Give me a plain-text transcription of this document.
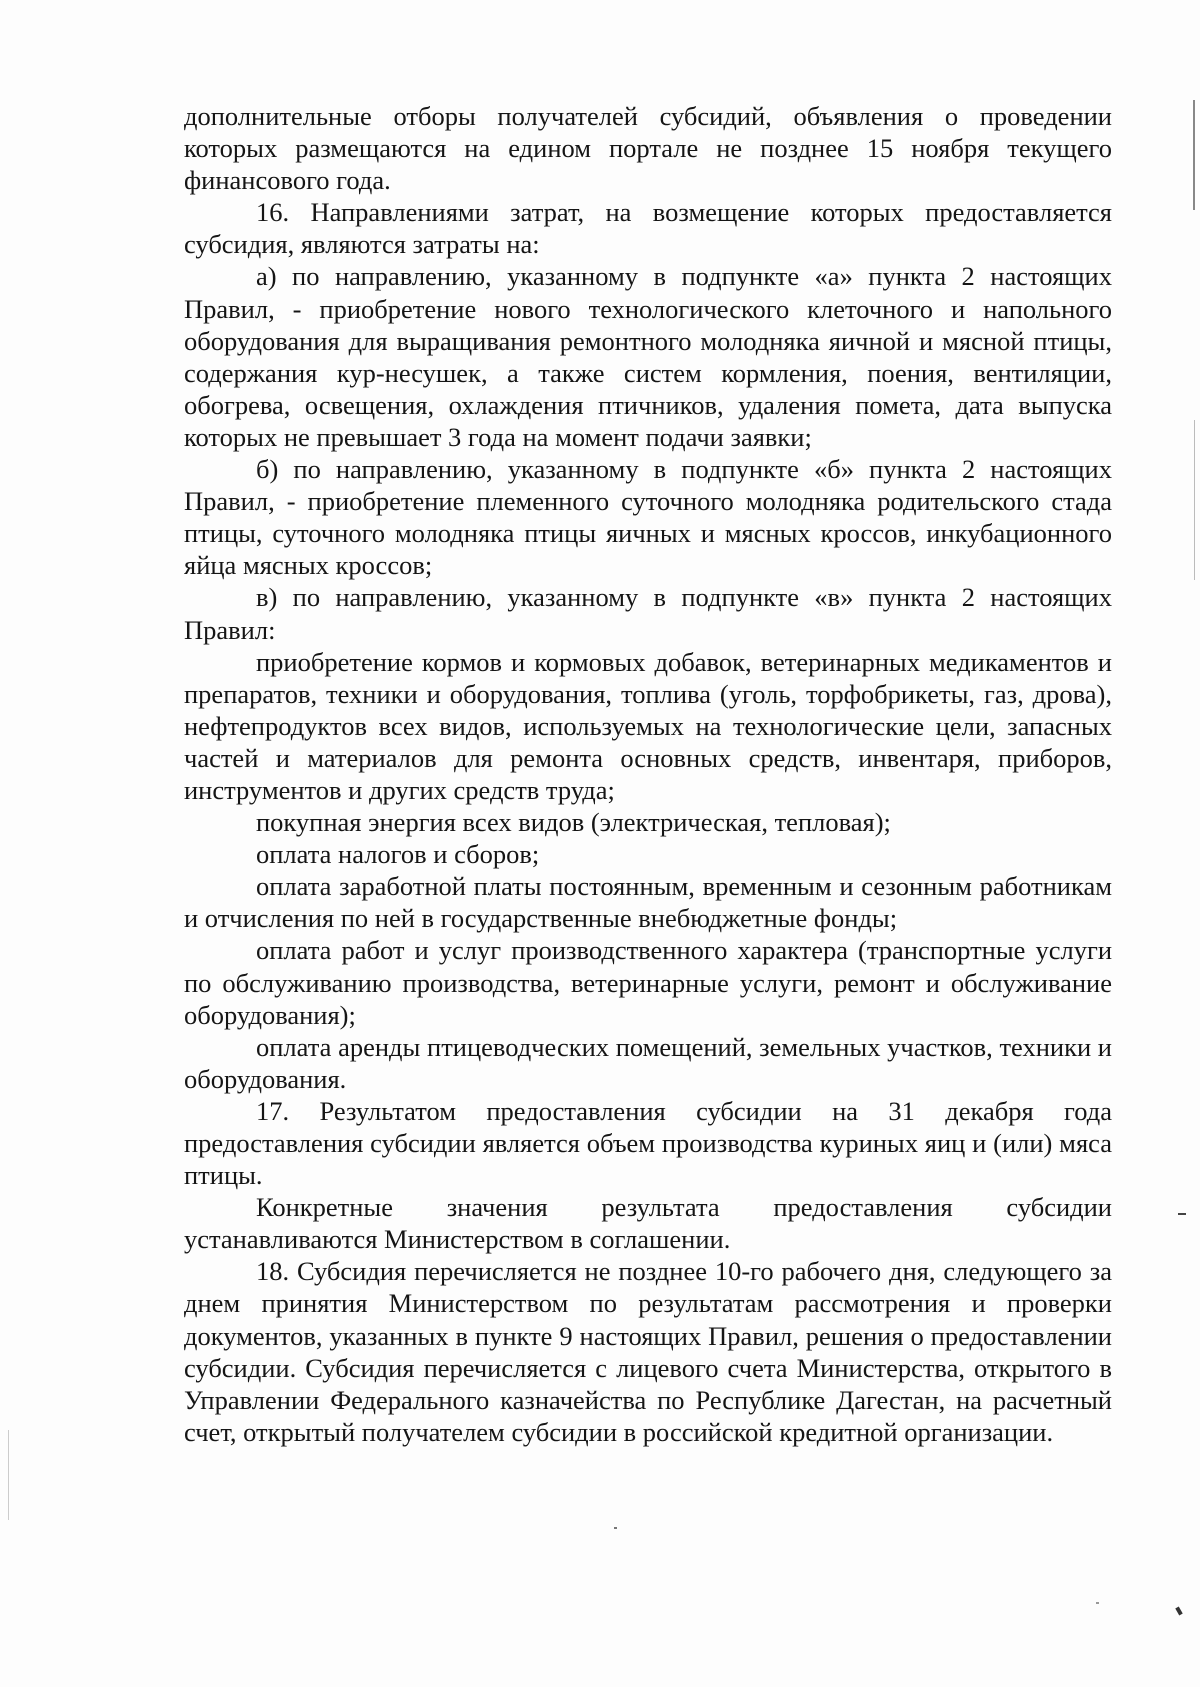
дополнительные отборы получателей субсидий, объявления о проведении которых размещаются на едином портале не позднее 15 ноября текущего финансового года.

16. Направлениями затрат, на возмещение которых предоставляется субсидия, являются затраты на:

а) по направлению, указанному в подпункте «а» пункта 2 настоящих Правил, - приобретение нового технологического клеточного и напольного оборудования для выращивания ремонтного молодняка яичной и мясной птицы, содержания кур-несушек, а также систем кормления, поения, вентиляции, обогрева, освещения, охлаждения птичников, удаления помета, дата выпуска которых не превышает 3 года на момент подачи заявки;

б) по направлению, указанному в подпункте «б» пункта 2 настоящих Правил, - приобретение племенного суточного молодняка родительского стада птицы, суточного молодняка птицы яичных и мясных кроссов, инкубационного яйца мясных кроссов;

в) по направлению, указанному в подпункте «в» пункта 2 настоящих Правил:

приобретение кормов и кормовых добавок, ветеринарных медикаментов и препаратов, техники и оборудования, топлива (уголь, торфобрикеты, газ, дрова), нефтепродуктов всех видов, используемых на технологические цели, запасных частей и материалов для ремонта основных средств, инвентаря, приборов, инструментов и других средств труда;

покупная энергия всех видов (электрическая, тепловая);

оплата налогов и сборов;

оплата заработной платы постоянным, временным и сезонным работникам и отчисления по ней в государственные внебюджетные фонды;

оплата работ и услуг производственного характера (транспортные услуги по обслуживанию производства, ветеринарные услуги, ремонт и обслуживание оборудования);

оплата аренды птицеводческих помещений, земельных участков, техники и оборудования.

17. Результатом предоставления субсидии на 31 декабря года предоставления субсидии является объем производства куриных яиц и (или) мяса птицы.

Конкретные значения результата предоставления субсидии устанавливаются Министерством в соглашении.

18. Субсидия перечисляется не позднее 10-го рабочего дня, следующего за днем принятия Министерством по результатам рассмотрения и проверки документов, указанных в пункте 9 настоящих Правил, решения о предоставлении субсидии. Субсидия перечисляется с лицевого счета Министерства, открытого в Управлении Федерального казначейства по Республике Дагестан, на расчетный счет, открытый получателем субсидии в российской кредитной организации.
